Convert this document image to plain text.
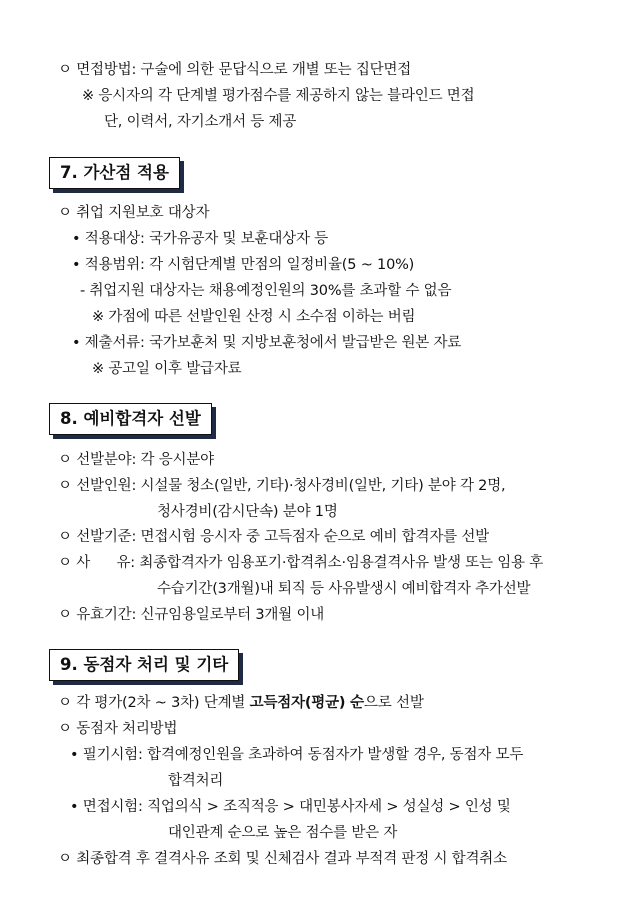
ㅇ 면접방법: 구술에 의한 문답식으로 개별 또는 집단면접
※ 응시자의 각 단계별 평가점수를 제공하지 않는 블라인드 면접
단, 이력서, 자기소개서 등 제공
7. 가산점 적용
ㅇ 취업 지원보호 대상자
• 적용대상: 국가유공자 및 보훈대상자 등
• 적용범위: 각 시험단계별 만점의 일정비율(5 ~ 10%)
- 취업지원 대상자는 채용예정인원의 30%를 초과할 수 없음
※ 가점에 따른 선발인원 산정 시 소수점 이하는 버림
• 제출서류: 국가보훈처 및 지방보훈청에서 발급받은 원본 자료
※ 공고일 이후 발급자료
8. 예비합격자 선발
ㅇ 선발분야: 각 응시분야
ㅇ 선발인원: 시설물 청소(일반, 기타)·청사경비(일반, 기타) 분야 각 2명,
청사경비(감시단속) 분야 1명
ㅇ 선발기준: 면접시험 응시자 중 고득점자 순으로 예비 합격자를 선발
ㅇ 사      유: 최종합격자가 임용포기·합격취소·임용결격사유 발생 또는 임용 후
수습기간(3개월)내 퇴직 등 사유발생시 예비합격자 추가선발
ㅇ 유효기간: 신규임용일로부터 3개월 이내
9. 동점자 처리 및 기타
ㅇ 각 평가(2차 ~ 3차) 단계별 고득점자(평균) 순으로 선발
ㅇ 동점자 처리방법
• 필기시험: 합격예정인원을 초과하여 동점자가 발생할 경우, 동점자 모두
합격처리
• 면접시험: 직업의식 > 조직적응 > 대민봉사자세 > 성실성 > 인성 및
대인관계 순으로 높은 점수를 받은 자
ㅇ 최종합격 후 결격사유 조회 및 신체검사 결과 부적격 판정 시 합격취소
